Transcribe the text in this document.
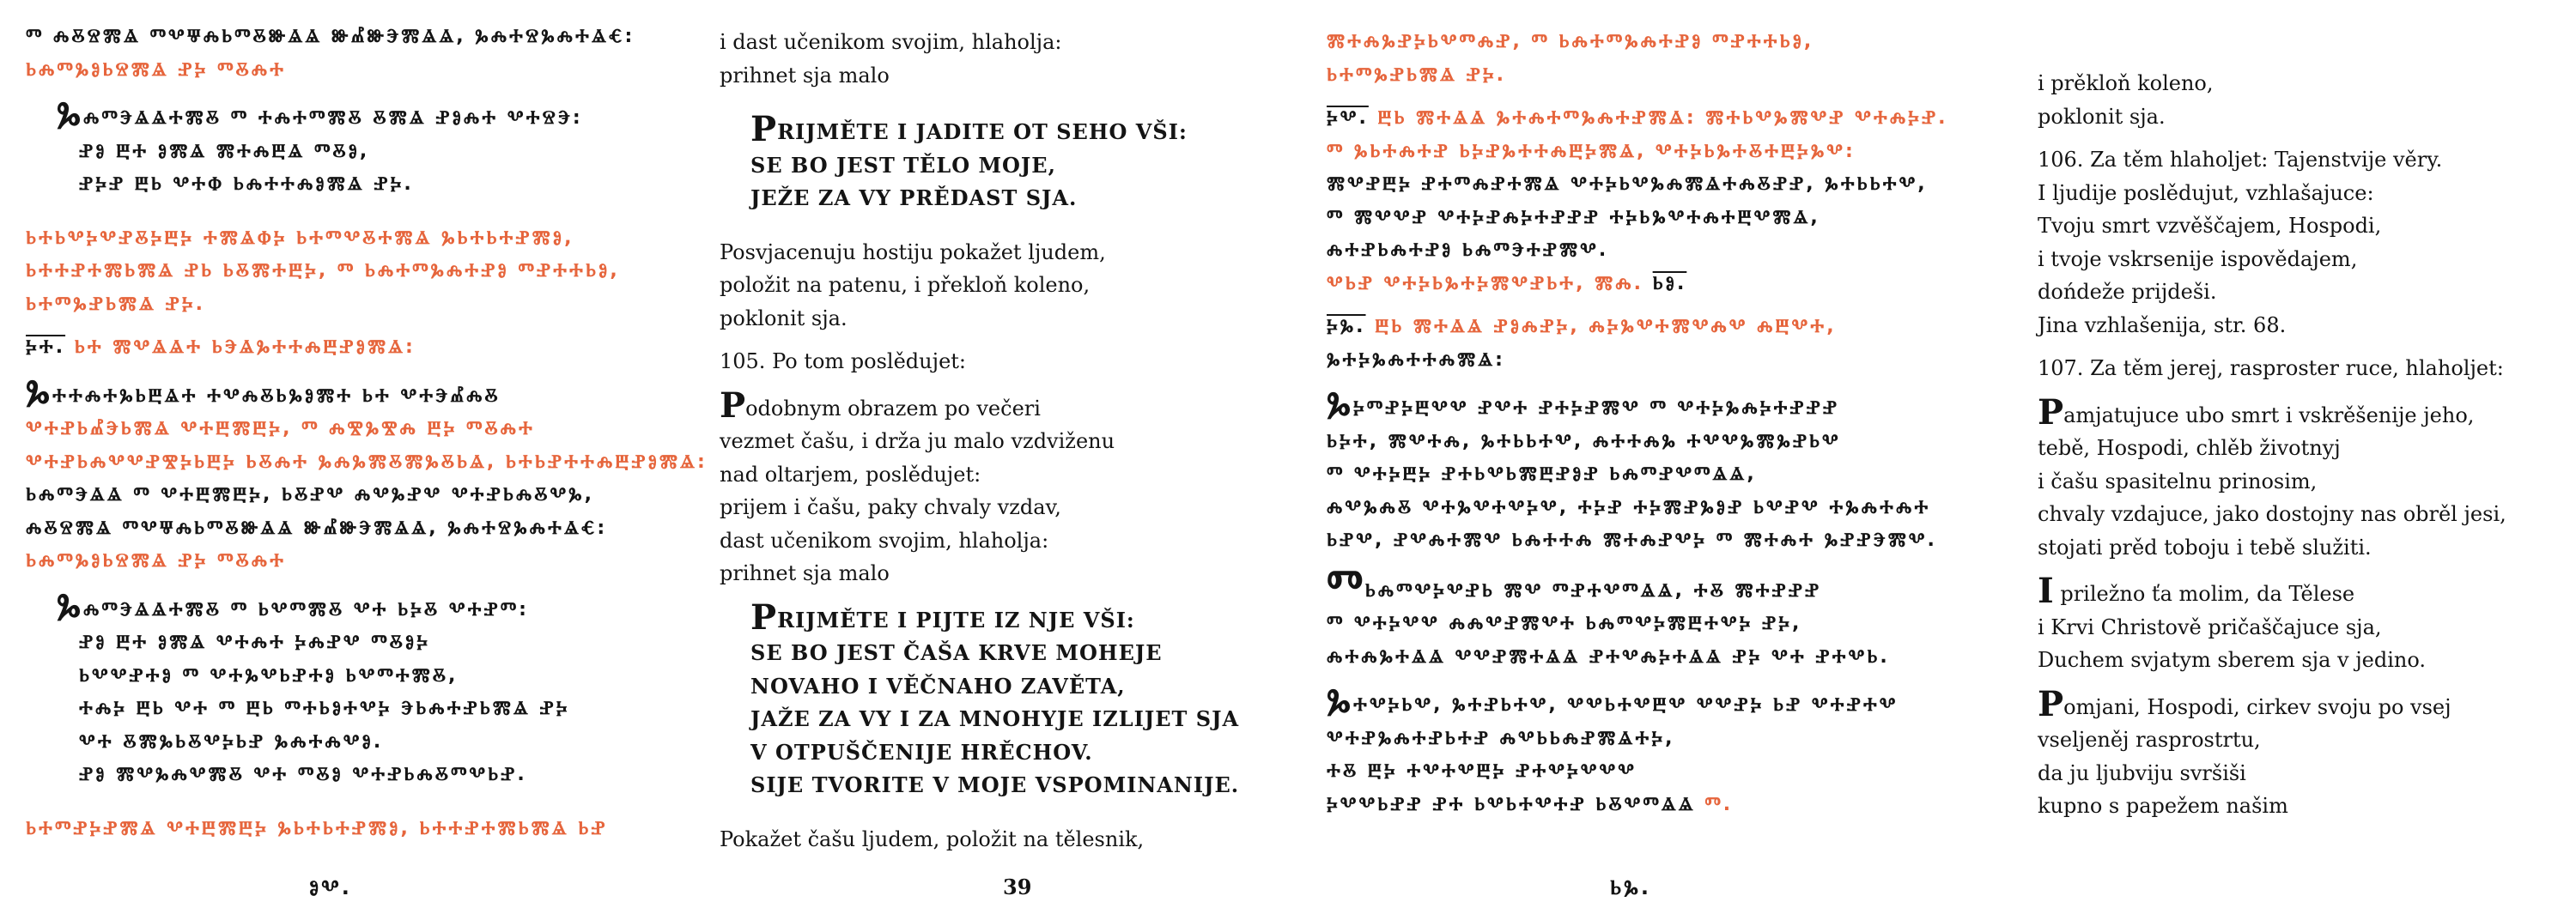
Ⱅ ⰎⰋⰔⰏⰡ ⰕⰂⰛⰎⰓⰕⰋⰖⰡⰡ ⰖⰌⰖⰅⰏⰡⰡ, ⰃⰎⰀⰔⰃⰎⰀⰡⰤ:
ⰓⰎⰕⰃⰑⰓⰔⰏⰡ ⰐⰍ ⰕⰋⰎⰀ
ⰃⰎⰕⰅⰡⰡⰀⰏⰋ Ⱅ ⰀⰎⰀⰕⰏⰋ ⰋⰏⰡ ⰐⰑⰎⰀ ⰂⰀⰔⰅ:
ⰐⰑ ⰁⰀ ⰑⰏⰡ ⰏⰀⰎⰁⰡ ⰕⰋⰑ,
ⰐⰍⰐ ⰁⰓ ⰂⰀⰗ ⰓⰎⰀⰀⰎⰑⰏⰡ ⰐⰍ.
ⰓⰀⰓⰂⰍⰂⰐⰋⰍⰁⰍ ⰀⰏⰡⰗⰍ ⰓⰀⰕⰂⰋⰀⰏⰡ ⰃⰓⰀⰓⰀⰐⰏⰑ,
ⰓⰀⰀⰐⰀⰏⰓⰏⰡ ⰐⰓ ⰓⰋⰏⰀⰁⰍ, Ⱅ ⰓⰎⰀⰕⰃⰎⰀⰐⰑ ⰕⰐⰀⰀⰓⰑ,
ⰓⰀⰕⰃⰐⰓⰏⰡ ⰐⰍ.
ⰍⰀ. ⰓⰀ ⰏⰂⰡⰡⰀ ⰓⰅⰡⰃⰀⰀⰎⰁⰐⰑⰏⰡ:
ⰃⰀⰀⰎⰀⰃⰓⰁⰡⰀ ⰀⰂⰎⰋⰓⰃⰑⰏⰀ ⰓⰀ ⰂⰀⰅⰌⰎⰋ
ⰂⰀⰐⰓⰌⰅⰓⰏⰡ ⰂⰀⰁⰏⰁⰍ, Ⱅ ⰎⰊⰃⰊⰎ ⰁⰍ ⰕⰋⰎⰀ
ⰂⰀⰐⰓⰎⰂⰂⰐⰊⰍⰓⰁⰍ ⰓⰋⰎⰀ ⰃⰎⰃⰏⰋⰏⰃⰋⰓⰡ, ⰓⰀⰓⰐⰀⰀⰎⰁⰐⰑⰏⰡ:
ⰓⰎⰕⰅⰡⰡ Ⱅ ⰂⰀⰁⰏⰁⰍ, ⰓⰋⰐⰂ ⰎⰂⰃⰐⰂ ⰂⰀⰐⰓⰎⰋⰂⰃ,
ⰎⰋⰔⰏⰡ ⰕⰂⰛⰎⰓⰕⰋⰖⰡⰡ ⰖⰌⰖⰅⰏⰡⰡ, ⰃⰎⰀⰔⰃⰎⰀⰡⰤ:
ⰓⰎⰕⰃⰑⰓⰔⰏⰡ ⰐⰍ ⰕⰋⰎⰀ
ⰃⰎⰕⰅⰡⰡⰀⰏⰋ Ⱅ ⰓⰂⰕⰏⰋ ⰂⰀ ⰓⰍⰋ ⰂⰀⰐⰕ:
ⰐⰑ ⰁⰀ ⰑⰏⰡ ⰂⰀⰎⰀ ⰍⰎⰐⰂ ⰕⰋⰑⰍ
ⰓⰂⰂⰐⰀⰑ Ⱅ ⰂⰀⰃⰂⰓⰐⰀⰑ ⰓⰂⰕⰀⰏⰋ,
ⰀⰎⰍ ⰁⰓ ⰂⰀ Ⱅ ⰁⰓ ⰕⰀⰓⰑⰀⰂⰍ ⰅⰓⰎⰀⰐⰓⰏⰡ ⰐⰍ
ⰂⰀ ⰋⰏⰃⰓⰋⰂⰍⰓⰐ ⰃⰎⰀⰎⰂⰑ.
ⰐⰑ ⰏⰂⰃⰎⰂⰏⰋ ⰂⰀ ⰕⰋⰑ ⰂⰀⰐⰓⰎⰋⰕⰂⰓⰐ.
ⰓⰀⰕⰐⰍⰐⰏⰡ ⰂⰀⰁⰏⰁⰍ ⰃⰓⰀⰓⰀⰐⰏⰑ, ⰓⰀⰀⰐⰀⰏⰓⰏⰡ ⰓⰐ
ⰑⰂ.
i dast učenikom svojim, hlaholja:
prihnet sja malo
PRIJMĚTE I JADITE OT SEHO VŠI:
SE BO JEST TĚLO MOJE,
JEŽE ZA VY PRĚDAST SJA.
Posvjacenuju hostiju pokažet ljudem,
položit na patenu, i překloň koleno,
poklonit sja.
105. Po tom poslědujet:
Podobnym obrazem po večeri
vezmet čašu, i drža ju malo vzdviženu
nad oltarjem, poslědujet:
prijem i čašu, paky chvaly vzdav,
dast učenikom svojim, hlaholja:
prihnet sja malo
PRIJMĚTE I PIJTE IZ NJE VŠI:
SE BO JEST ČAŠA KRVE MOHEJE
NOVAHO I VĚČNAHO ZAVĚTA,
JAŽE ZA VY I ZA MNOHYJE IZLIJET SJA
V OTPUŠČENIJE HRĚCHOV.
SIJE TVORITE V MOJE VSPOMINANIJE.
Pokažet čašu ljudem, položit na tělesnik,
39
ⰏⰀⰎⰃⰐⰍⰓⰂⰕⰎⰐ, Ⱅ ⰓⰎⰀⰕⰃⰎⰀⰐⰑ ⰕⰐⰀⰀⰓⰑ,
ⰓⰀⰕⰃⰐⰓⰏⰡ ⰐⰍ.
ⰍⰂ. ⰁⰓ ⰏⰀⰡⰡ ⰃⰀⰎⰀⰕⰃⰎⰀⰐⰏⰡ: ⰏⰀⰓⰂⰃⰏⰂⰐ ⰂⰀⰎⰍⰐ.
Ⱅ ⰃⰓⰀⰎⰀⰐ ⰓⰍⰐⰃⰀⰀⰎⰁⰍⰏⰡ, ⰂⰀⰍⰓⰃⰀⰋⰀⰁⰍⰃⰂ:
ⰏⰂⰐⰁⰍ ⰐⰀⰕⰎⰐⰀⰏⰡ ⰂⰀⰍⰓⰂⰃⰎⰏⰡⰀⰎⰋⰐⰐ, ⰃⰀⰓⰓⰀⰂ,
Ⱅ ⰏⰂⰂⰐ ⰂⰀⰍⰐⰎⰍⰀⰐⰐⰐ ⰀⰍⰓⰃⰂⰀⰎⰀⰁⰂⰏⰡ,
ⰎⰀⰐⰓⰎⰀⰐⰑ ⰓⰎⰕⰅⰀⰐⰏⰂ.
ⰂⰓⰐ ⰂⰀⰍⰓⰃⰀⰍⰏⰂⰐⰓⰀ, ⰏⰎ. ⰓⰑ.
ⰍⰃ. ⰁⰓ ⰏⰀⰡⰡ ⰐⰑⰎⰐⰍ, ⰎⰍⰃⰂⰀⰏⰂⰎⰂ ⰎⰁⰂⰀ,
ⰃⰀⰍⰃⰎⰀⰀⰎⰏⰡ:
ⰃⰍⰕⰐⰍⰁⰂⰂ ⰐⰂⰀ ⰐⰀⰍⰐⰏⰂ Ⱅ ⰂⰀⰍⰃⰎⰍⰀⰐⰐⰐ
ⰓⰍⰀ, ⰏⰂⰀⰎ, ⰃⰀⰓⰓⰀⰂ, ⰎⰀⰀⰎⰃ ⰀⰂⰂⰃⰏⰃⰐⰓⰂ
Ⱅ ⰂⰀⰍⰁⰍ ⰐⰀⰓⰂⰓⰏⰁⰐⰑⰐ ⰓⰎⰕⰐⰂⰕⰡⰡ,
ⰎⰂⰃⰎⰋ ⰂⰀⰃⰂⰀⰂⰍⰂ, ⰀⰍⰐ ⰀⰍⰏⰐⰃⰑⰐ ⰓⰂⰐⰂ ⰀⰃⰎⰀⰎⰀ
ⰓⰐⰂ, ⰐⰂⰎⰀⰏⰂ ⰓⰎⰀⰀⰎ ⰏⰀⰎⰐⰂⰍ Ⱅ ⰏⰀⰎⰀ ⰃⰐⰐⰅⰏⰂ.
ⰕⰓⰎⰕⰂⰍⰂⰐⰓ ⰏⰂ ⰕⰐⰀⰂⰕⰡⰡ, ⰀⰋ ⰏⰀⰐⰐⰐ
Ⱅ ⰂⰀⰍⰂⰂ ⰎⰎⰂⰐⰏⰂⰀ ⰓⰎⰕⰂⰍⰏⰁⰀⰂⰍ ⰐⰍ,
ⰎⰀⰎⰃⰀⰡⰡ ⰂⰂⰐⰏⰀⰡⰡ ⰐⰀⰂⰎⰍⰀⰡⰡ ⰐⰍ ⰂⰀ ⰐⰀⰂⰓ.
ⰃⰀⰂⰍⰓⰂ, ⰃⰀⰐⰓⰀⰂ, ⰂⰂⰓⰀⰂⰁⰂ ⰂⰂⰐⰍ ⰓⰐ ⰂⰀⰐⰀⰂ
ⰂⰀⰐⰃⰎⰀⰐⰓⰀⰐ ⰎⰂⰓⰓⰎⰐⰏⰡⰀⰍ,
ⰀⰋ ⰁⰍ ⰀⰂⰀⰂⰁⰍ ⰐⰀⰂⰍⰂⰂⰂ
ⰍⰂⰂⰓⰐⰐ ⰐⰀ ⰓⰂⰓⰀⰂⰀⰐ ⰓⰋⰂⰕⰡⰡ Ⱅ.
ⰓⰃ.
i prěkloň koleno,
poklonit sja.
106. Za těm hlaholjet: Tajenstvije věry.
I ljudije poslědujut, vzhlašajuce:
Tvoju smrt vzvěščajem, Hospodi,
i tvoje vskrsenije ispovědajem,
dońdeže prijdeši.
Jina vzhlašenija, str. 68.
107. Za těm jerej, rasproster ruce, hlaholjet:
Pamjatujuce ubo smrt i vskrěšenije jeho,
tebě, Hospodi, chlěb životnyj
i čašu spasitelnu prinosim,
chvaly vzdajuce, jako dostojny nas obrěl jesi,
stojati prěd toboju i tebě služiti.
I priležno ťa molim, da Tělese
i Krvi Christově pričaščajuce sja,
Duchem svjatym sberem sja v jedino.
Pomjani, Hospodi, cirkev svoju po vsej
vseljeněj rasprostrtu,
da ju ljubviju svršiši
kupno s papežem našim
